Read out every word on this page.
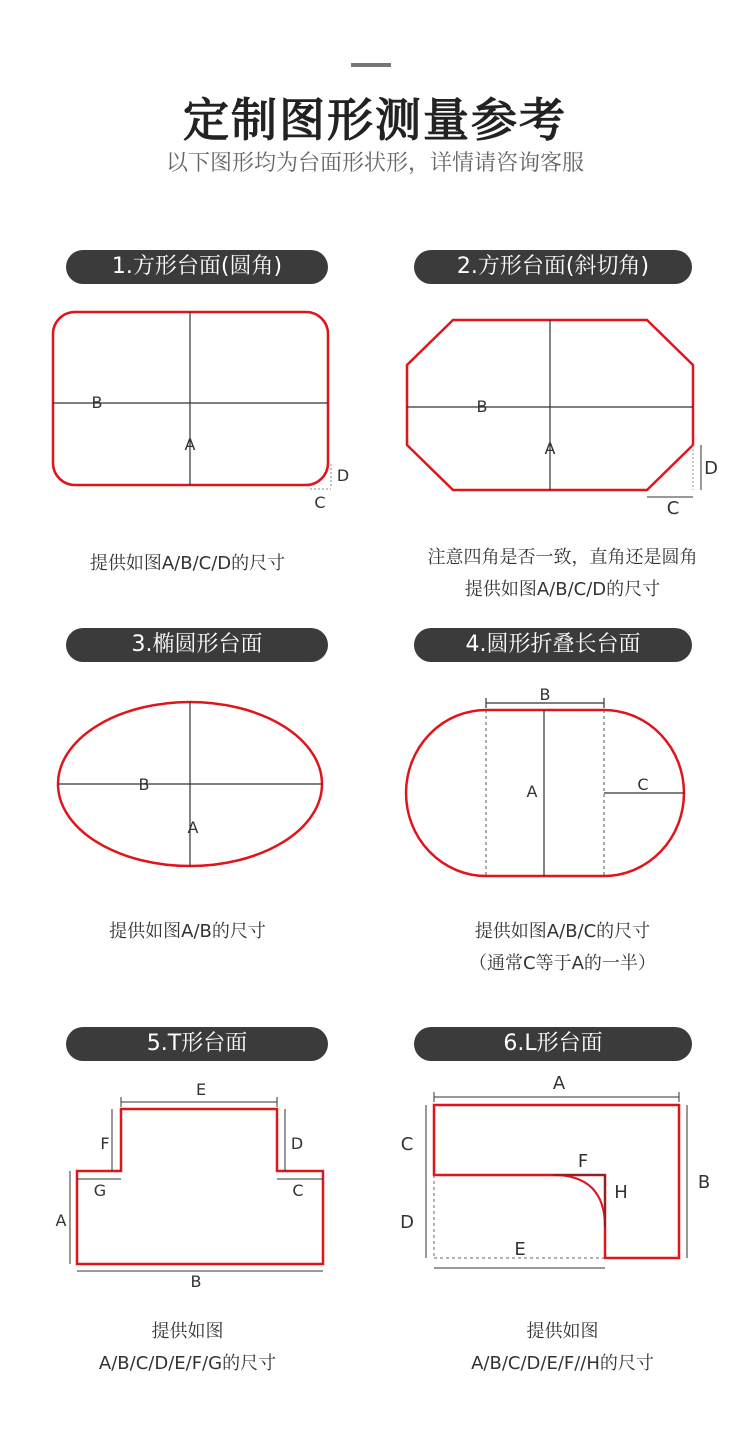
定制图形测量参考
以下图形均为台面形状形，详情请咨询客服
1.方形台面(圆角)
B
A
D
C
提供如图A/B/C/D的尺寸
2.方形台面(斜切角)
B
A
D
C
注意四角是否一致，直角还是圆角
提供如图A/B/C/D的尺寸
3.椭圆形台面
B
A
提供如图A/B的尺寸
4.圆形折叠长台面
B
A	C
提供如图A/B/C的尺寸
（通常C等于A的一半）
5.T形台面
E
F	D
G	C
A
B
提供如图
A/B/C/D/E/F/G的尺寸
6.L形台面
A
B
C
D
E
F
H
提供如图
A/B/C/D/E/F//H的尺寸
